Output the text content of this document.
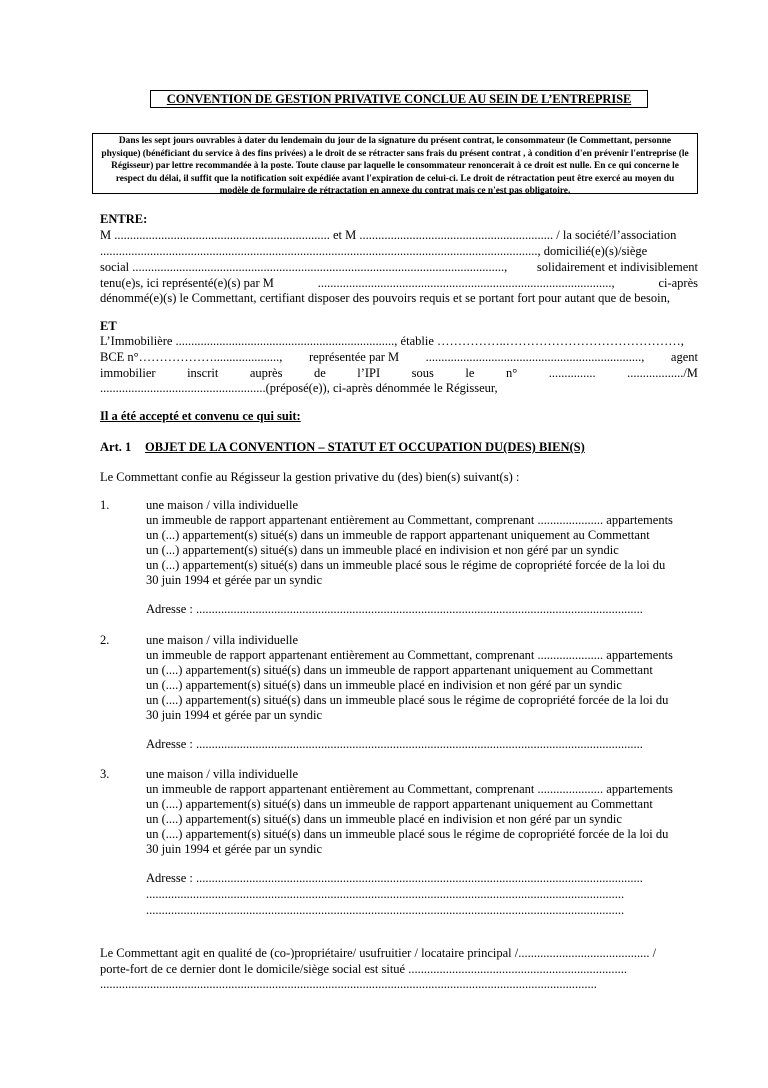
CONVENTION DE GESTION PRIVATIVE CONCLUE AU SEIN DE L’ENTREPRISE
Dans les sept jours ouvrables à dater du lendemain du jour de la signature du présent contrat, le consommateur (le Commettant, personne physique) (bénéficiant du service à des fins privées) a le droit de se rétracter sans frais du présent contrat , à condition d'en prévenir l'entreprise (le Régisseur) par lettre recommandée à la poste. Toute clause par laquelle le consommateur renoncerait à ce droit est nulle. En ce qui concerne le respect du délai, il suffit que la notification soit expédiée avant l'expiration de celui-ci. Le droit de rétractation peut être exercé au moyen du modèle de formulaire de rétractation en annexe du contrat mais ce n'est pas obligatoire.
ENTRE:
M ..................................................................... et M .............................................................. / la société/l’association
............................................................................................................................................, domicilié(e)(s)/siège
social ......................................................................................................................., solidairement et indivisiblement
tenu(e)s, ici représenté(e)(s) par M	..............................................................................................,	ci-après
dénommé(e)(s) le Commettant, certifiant disposer des pouvoirs requis et se portant fort pour autant que de besoin,
ET
L’Immobilière ......................................................................, établie ……………..……………………………………,
BCE n°………………....................., représentée par M ....................................................................., agent
immobilier	inscrit	auprès	de	l’IPI	sous	le	n°	...............	................../M
.....................................................(préposé(e)), ci-après dénommée le Régisseur,
Il a été accepté et convenu ce qui suit:
Art. 1 OBJET DE LA CONVENTION – STATUT ET OCCUPATION DU(DES) BIEN(S)
Le Commettant confie au Régisseur la gestion privative du (des) bien(s) suivant(s) :
1.	une maison / villa individuelle
un immeuble de rapport appartenant entièrement au Commettant, comprenant ..................... appartements
un (...) appartement(s) situé(s) dans un immeuble de rapport appartenant uniquement au Commettant
un (...) appartement(s) situé(s) dans un immeuble placé en indivision et non géré par un syndic
un (...) appartement(s) situé(s) dans un immeuble placé sous le régime de copropriété forcée de la loi du
30 juin 1994 et gérée par un syndic
Adresse : ...............................................................................................................................................
2.	une maison / villa individuelle
un immeuble de rapport appartenant entièrement au Commettant, comprenant ..................... appartements
un (....) appartement(s) situé(s) dans un immeuble de rapport appartenant uniquement au Commettant
un (....) appartement(s) situé(s) dans un immeuble placé en indivision et non géré par un syndic
un (....) appartement(s) situé(s) dans un immeuble placé sous le régime de copropriété forcée de la loi du
30 juin 1994 et gérée par un syndic
Adresse : ...............................................................................................................................................
3.	une maison / villa individuelle
un immeuble de rapport appartenant entièrement au Commettant, comprenant ..................... appartements
un (....) appartement(s) situé(s) dans un immeuble de rapport appartenant uniquement au Commettant
un (....) appartement(s) situé(s) dans un immeuble placé en indivision et non géré par un syndic
un (....) appartement(s) situé(s) dans un immeuble placé sous le régime de copropriété forcée de la loi du
30 juin 1994 et gérée par un syndic
Adresse : ...............................................................................................................................................
.........................................................................................................................................................
.........................................................................................................................................................
Le Commettant agit en qualité de (co-)propriétaire/ usufruitier / locataire principal /.......................................... /
porte-fort de ce dernier dont le domicile/siège social est situé ......................................................................
...............................................................................................................................................................
